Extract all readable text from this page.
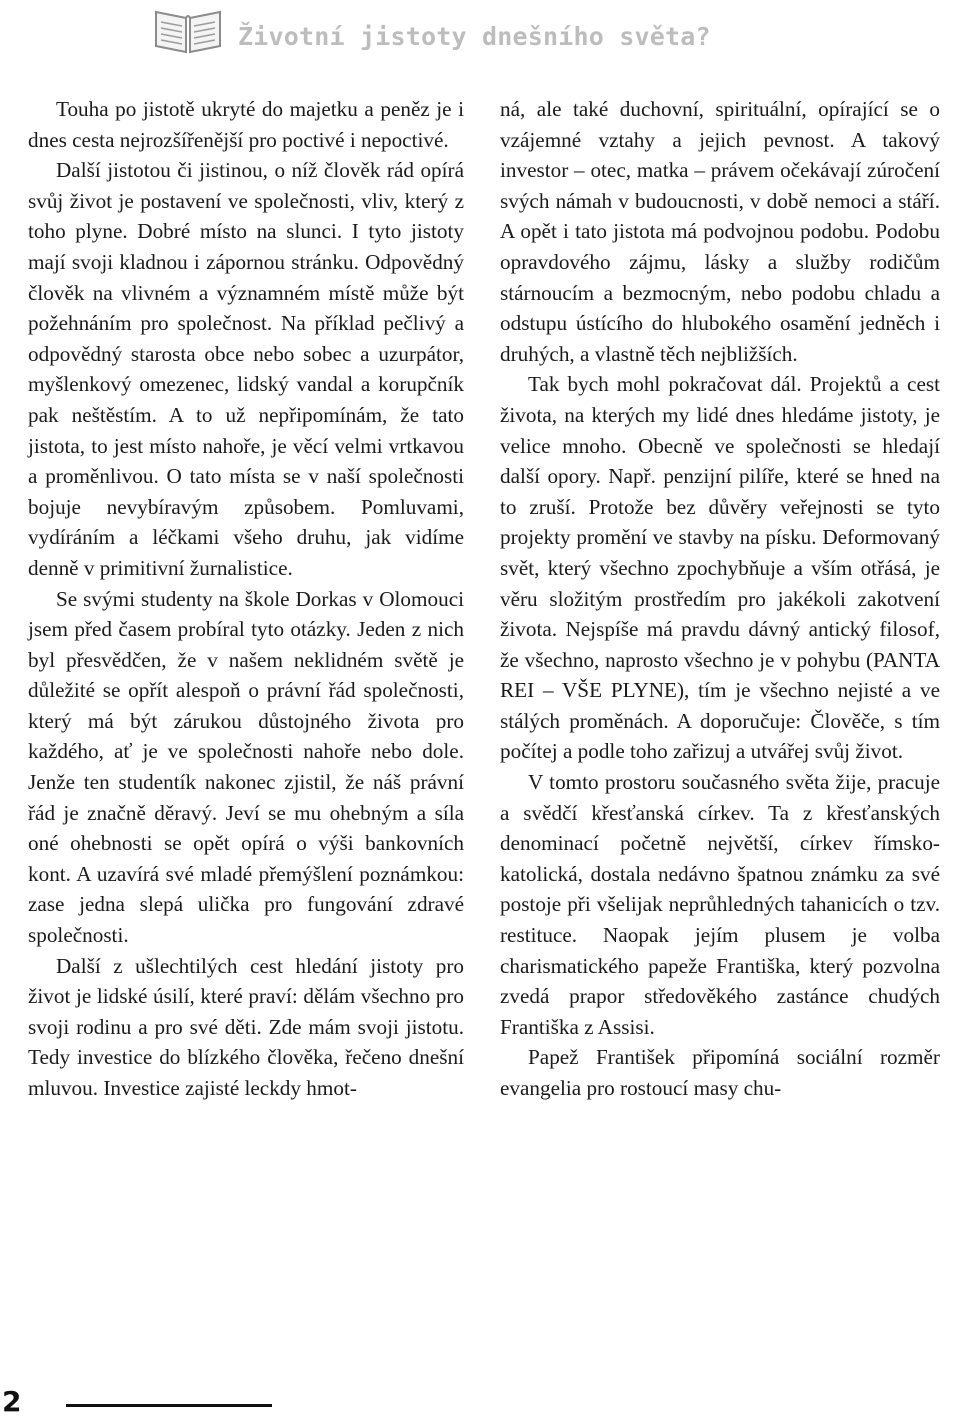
Životní jistoty dnešního světa?

Touha po jistotě ukryté do majetku a peněz je i dnes cesta nejrozšířenější pro poctivé i nepoctivé.

Další jistotou či jistinou, o níž člověk rád opírá svůj život je postavení ve společnosti, vliv, který z toho plyne. Dobré místo na slunci. I tyto jistoty mají svoji kladnou i zápornou stránku. Odpovědný člověk na vlivném a významném místě může být požehnáním pro společnost. Na příklad pečlivý a odpovědný starosta obce nebo sobec a uzurpátor, myšlenkový omezenec, lidský vandal a korupčník pak neštěstím. A to už nepřipomínám, že tato jistota, to jest místo nahoře, je věcí velmi vrtkavou a proměnlivou. O tato místa se v naší společnosti bojuje nevybíravým způsobem. Pomluvami, vydíráním a léčkami všeho druhu, jak vidíme denně v primitivní žurnalistice.

Se svými studenty na škole Dorkas v Olomouci jsem před časem probíral tyto otázky. Jeden z nich byl přesvědčen, že v našem neklidném světě je důležité se opřít alespoň o právní řád společnosti, který má být zárukou důstojného života pro každého, ať je ve společnosti nahoře nebo dole. Jenže ten studentík nakonec zjistil, že náš právní řád je značně děravý. Jeví se mu ohebným a síla oné ohebnosti se opět opírá o výši bankovních kont. A uzavírá své mladé přemýšlení poznámkou: zase jedna slepá ulička pro fungování zdravé společnosti.

Další z ušlechtilých cest hledání jistoty pro život je lidské úsilí, které praví: dělám všechno pro svoji rodinu a pro své děti. Zde mám svoji jistotu. Tedy investice do blízkého člověka, řečeno dnešní mluvou. Investice zajisté leckdy hmot-

ná, ale také duchovní, spirituální, opírající se o vzájemné vztahy a jejich pevnost. A takový investor – otec, matka – právem očekávají zúročení svých námah v budoucnosti, v době nemoci a stáří. A opět i tato jistota má podvojnou podobu. Podobu opravdového zájmu, lásky a služby rodičům stárnoucím a bezmocným, nebo podobu chladu a odstupu ústícího do hlubokého osamění jedněch i druhých, a vlastně těch nejbližších.

Tak bych mohl pokračovat dál. Projektů a cest života, na kterých my lidé dnes hledáme jistoty, je velice mnoho. Obecně ve společnosti se hledají další opory. Např. penzijní pilíře, které se hned na to zruší. Protože bez důvěry veřejnosti se tyto projekty promění ve stavby na písku. Deformovaný svět, který všechno zpochybňuje a vším otřásá, je věru složitým prostředím pro jakékoli zakotvení života. Nejspíše má pravdu dávný antický filosof, že všechno, naprosto všechno je v pohybu (PANTA REI – VŠE PLYNE), tím je všechno nejisté a ve stálých proměnách. A doporučuje: Člověče, s tím počítej a podle toho zařizuj a utvářej svůj život.

V tomto prostoru současného světa žije, pracuje a svědčí křesťanská církev. Ta z křesťanských denominací početně největší, církev římsko-katolická, dostala nedávno špatnou známku za své postoje při všelijak neprůhledných tahanicích o tzv. restituce. Naopak jejím plusem je volba charismatického papeže Františka, který pozvolna zvedá prapor středověkého zastánce chudých Františka z Assisi.

Papež František připomíná sociální rozměr evangelia pro rostoucí masy chu-

2
